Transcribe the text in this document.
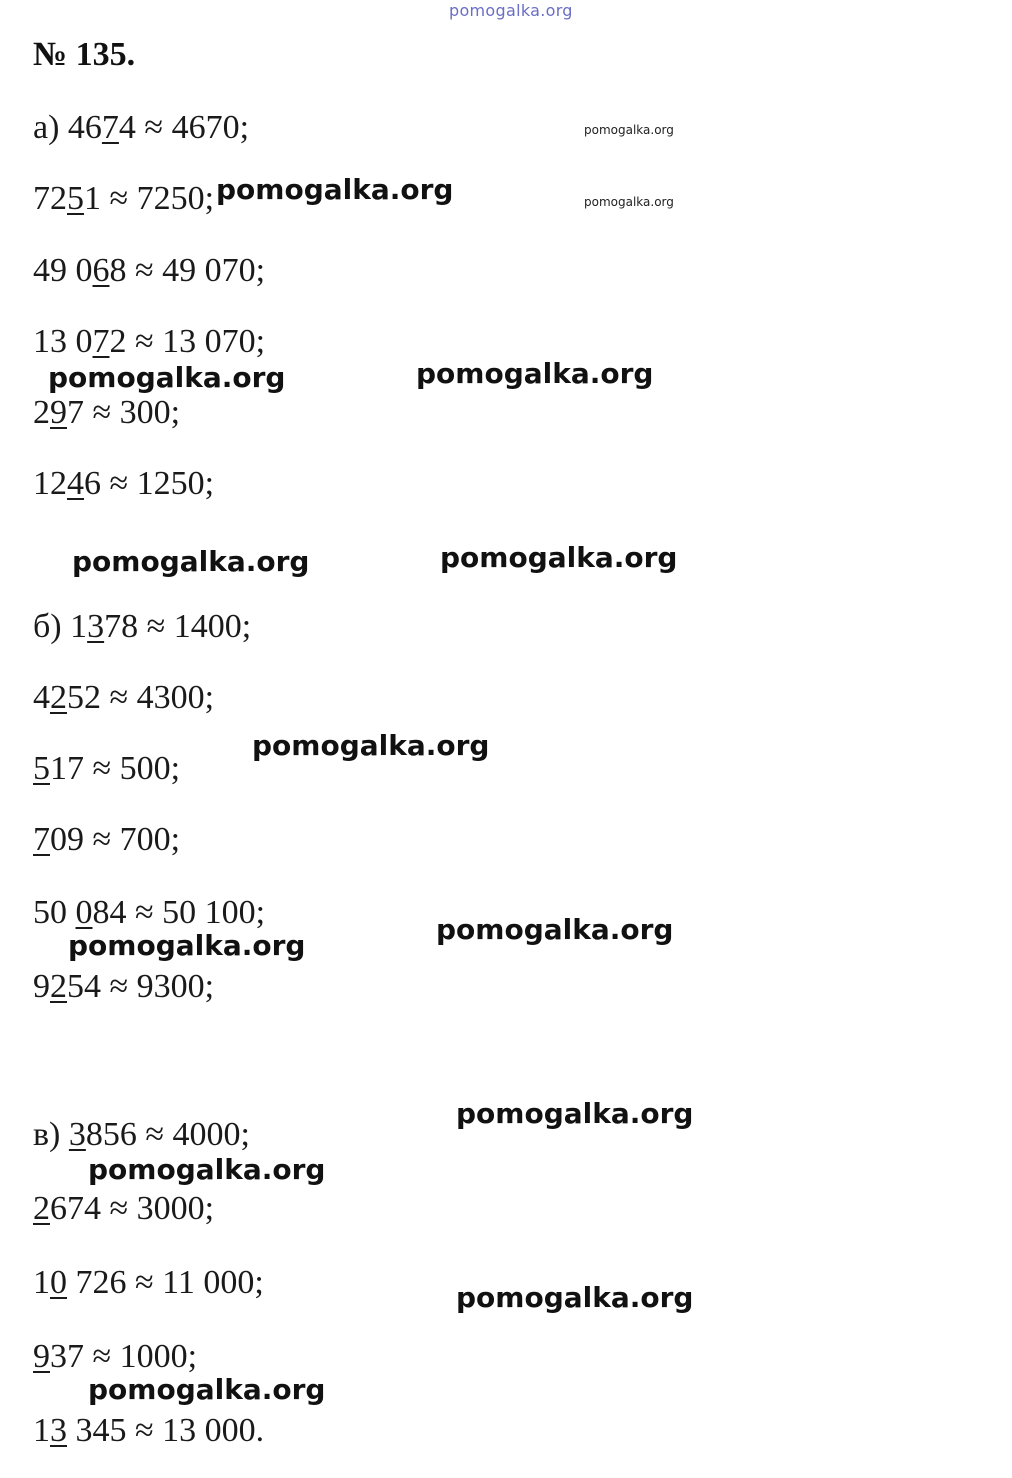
pomogalka.org
№ 135.
а) 4674 ≈ 4670;
7251 ≈ 7250;
49 068 ≈ 49 070;
13 072 ≈ 13 070;
297 ≈ 300;
1246 ≈ 1250;
б) 1378 ≈ 1400;
4252 ≈ 4300;
517 ≈ 500;
709 ≈ 700;
50 084 ≈ 50 100;
9254 ≈ 9300;
в) 3856 ≈ 4000;
2674 ≈ 3000;
10 726 ≈ 11 000;
937 ≈ 1000;
13 345 ≈ 13 000.
pomogalka.org
pomogalka.org
pomogalka.org
pomogalka.org	pomogalka.org
pomogalka.org	pomogalka.org
pomogalka.org
pomogalka.org	pomogalka.org
pomogalka.org
pomogalka.org
pomogalka.org
pomogalka.org
